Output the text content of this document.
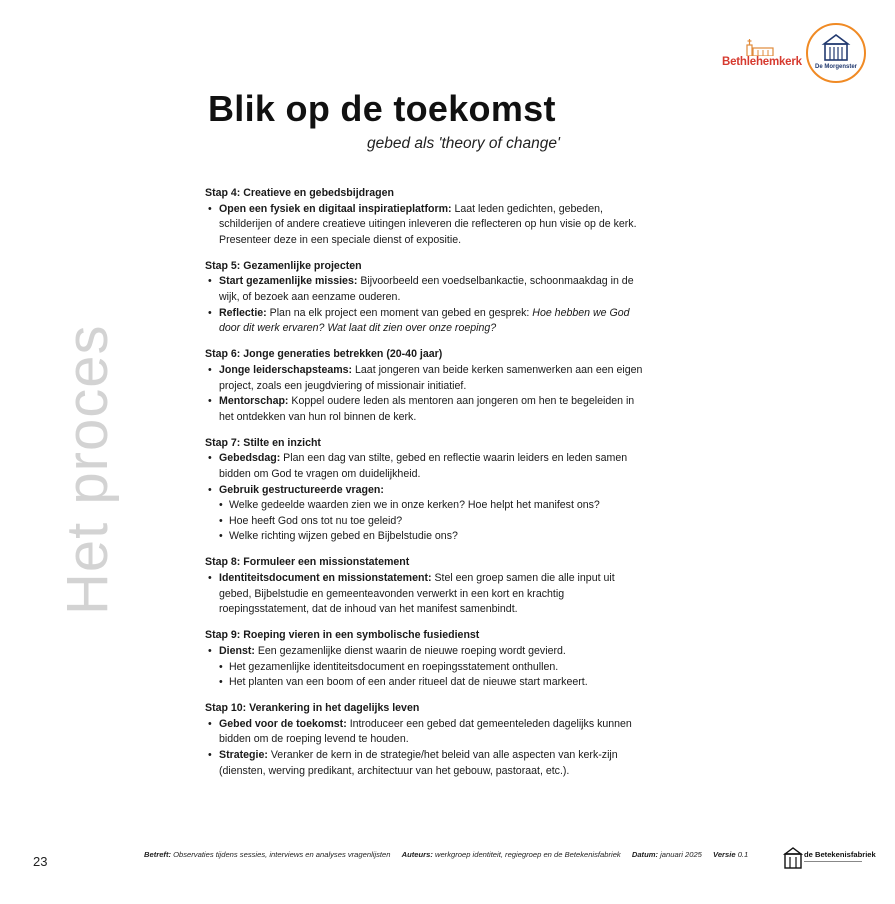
Bethlehemkerk	De Morgenster
Blik op de toekomst
gebed als 'theory of change'
Het proces
Stap 4: Creatieve en gebedsbijdragen
• Open een fysiek en digitaal inspiratieplatform: Laat leden gedichten, gebeden, schilderijen of andere creatieve uitingen inleveren die reflecteren op hun visie op de kerk. Presenteer deze in een speciale dienst of expositie.
Stap 5: Gezamenlijke projecten
• Start gezamenlijke missies: Bijvoorbeeld een voedselbankactie, schoonmaakdag in de wijk, of bezoek aan eenzame ouderen.
• Reflectie: Plan na elk project een moment van gebed en gesprek: Hoe hebben we God door dit werk ervaren? Wat laat dit zien over onze roeping?
Stap 6: Jonge generaties betrekken (20-40 jaar)
• Jonge leiderschapsteams: Laat jongeren van beide kerken samenwerken aan een eigen project, zoals een jeugdviering of missionair initiatief.
• Mentorschap: Koppel oudere leden als mentoren aan jongeren om hen te begeleiden in het ontdekken van hun rol binnen de kerk.
Stap 7: Stilte en inzicht
• Gebedsdag: Plan een dag van stilte, gebed en reflectie waarin leiders en leden samen bidden om God te vragen om duidelijkheid.
• Gebruik gestructureerde vragen:
• Welke gedeelde waarden zien we in onze kerken? Hoe helpt het manifest ons?
• Hoe heeft God ons tot nu toe geleid?
• Welke richting wijzen gebed en Bijbelstudie ons?
Stap 8: Formuleer een missionstatement
• Identiteitsdocument en missionstatement: Stel een groep samen die alle input uit gebed, Bijbelstudie en gemeenteavonden verwerkt in een kort en krachtig roepingsstatement, dat de inhoud van het manifest samenbindt.
Stap 9: Roeping vieren in een symbolische fusiedienst
• Dienst: Een gezamenlijke dienst waarin de nieuwe roeping wordt gevierd.
• Het gezamenlijke identiteitsdocument en roepingsstatement onthullen.
• Het planten van een boom of een ander ritueel dat de nieuwe start markeert.
Stap 10: Verankering in het dagelijks leven
• Gebed voor de toekomst: Introduceer een gebed dat gemeenteleden dagelijks kunnen bidden om de roeping levend te houden.
• Strategie: Veranker de kern in de strategie/het beleid van alle aspecten van kerk-zijn (diensten, werving predikant, architectuur van het gebouw, pastoraat, etc.).
23	Betreft: Observaties tijdens sessies, interviews en analyses vragenlijsten Auteurs: werkgroep identiteit, regiegroep en de Betekenisfabriek Datum: januari 2025 Versie 0.1	de Betekenisfabriek
